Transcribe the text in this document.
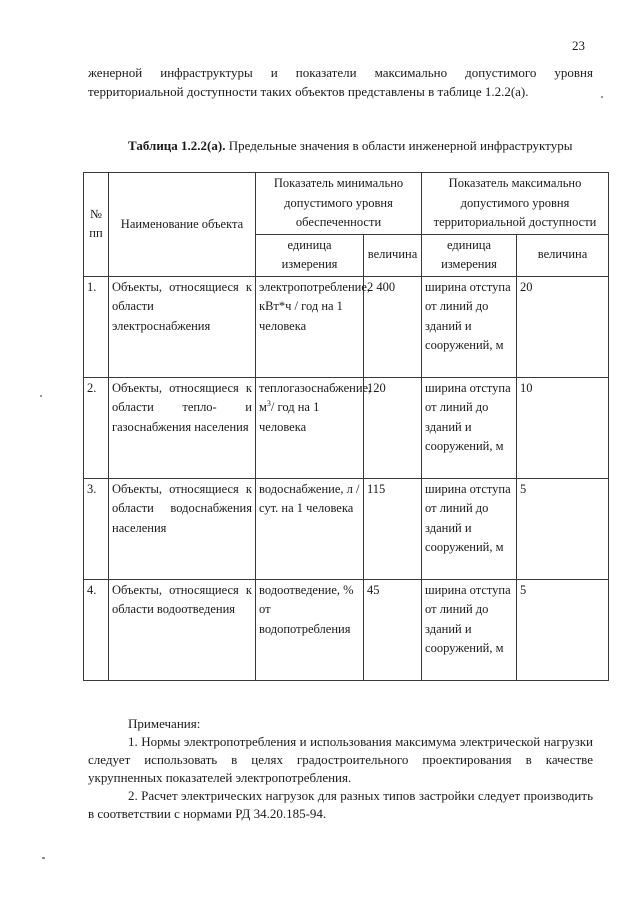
23
женерной инфраструктуры и показатели максимально допустимого уровня территориальной доступности таких объектов представлены в таблице 1.2.2(а).
Таблица 1.2.2(а). Предельные значения в области инженерной инфраструктуры
№ пп	Наименование объекта	Показатель минимально допустимого уровня обеспеченности		Показатель максимально допустимого уровня территориальной доступности	
		единица измерения	величина	единица измерения	величина
1.	Объекты, относящиеся к области электроснабжения	электропотребление, кВт*ч / год на 1 человека	2 400	ширина отступа от линий до зданий и сооружений, м	20
2.	Объекты, относящиеся к области тепло- и газоснабжения населения	теплогазоснабжение, $м^3/$ год на 1 человека	120	ширина отступа от линий до зданий и сооружений, м	10
3.	Объекты, относящиеся к области водоснабжения населения	водоснабжение, л / сут. на 1 человека	115	ширина отступа от линий до зданий и сооружений, м	5
4.	Объекты, относящиеся к области водоотведения	водоотведение, % от водопотребления	45	ширина отступа от линий до зданий и сооружений, м	5

Примечания:

1. Нормы электропотребления и использования максимума электрической нагрузки следует использовать в целях градостроительного проектирования в качестве укрупненных показателей электропотребления.

2. Расчет электрических нагрузок для разных типов застройки следует производить в соответствии с нормами РД 34.20.185-94.
